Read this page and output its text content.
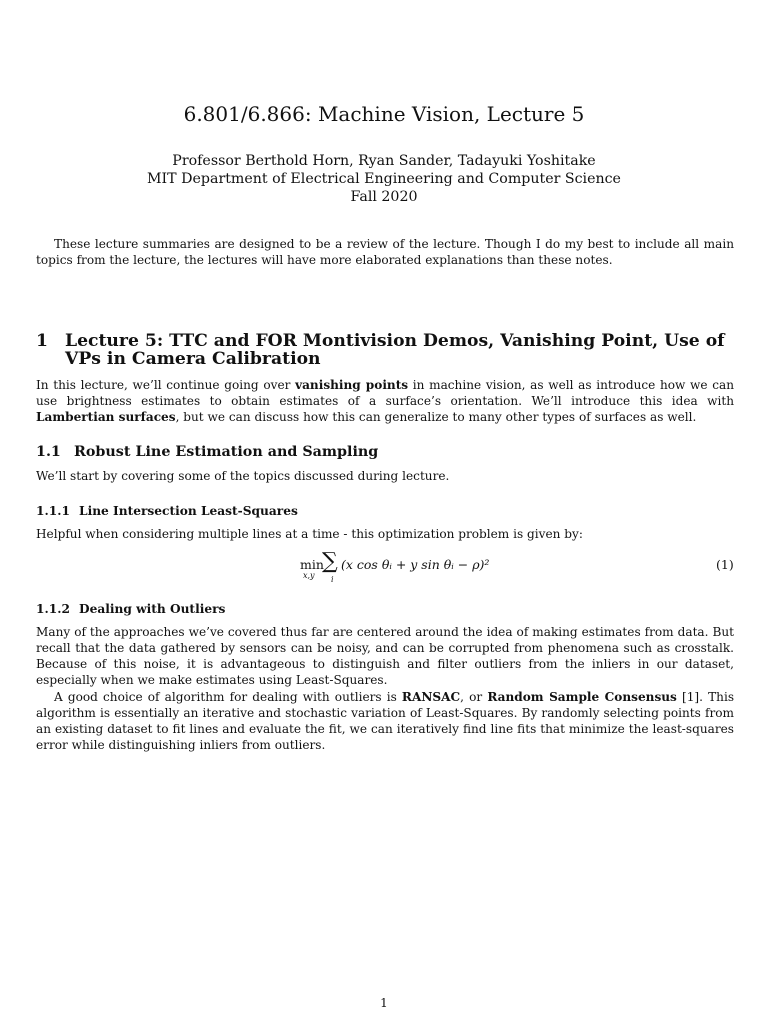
6.801/6.866: Machine Vision, Lecture 5
Professor Berthold Horn, Ryan Sander, Tadayuki Yoshitake
MIT Department of Electrical Engineering and Computer Science
Fall 2020

These lecture summaries are designed to be a review of the lecture. Though I do my best to include all main topics from the lecture, the lectures will have more elaborated explanations than these notes.

1 Lecture 5: TTC and FOR Montivision Demos, Vanishing Point, Use of VPs in Camera Calibration

In this lecture, we’ll continue going over vanishing points in machine vision, as well as introduce how we can use brightness estimates to obtain estimates of a surface’s orientation. We’ll introduce this idea with Lambertian surfaces, but we can discuss how this can generalize to many other types of surfaces as well.

1.1 Robust Line Estimation and Sampling

We’ll start by covering some of the topics discussed during lecture.

1.1.1 Line Intersection Least-Squares

Helpful when considering multiple lines at a time - this optimization problem is given by:

min
x,y
∑
i
(x cos θᵢ + y sin θᵢ − ρ)²	(1)
1.1.2 Dealing with Outliers

Many of the approaches we’ve covered thus far are centered around the idea of making estimates from data. But recall that the data gathered by sensors can be noisy, and can be corrupted from phenomena such as crosstalk. Because of this noise, it is advantageous to distinguish and filter outliers from the inliers in our dataset, especially when we make estimates using Least-Squares.

A good choice of algorithm for dealing with outliers is RANSAC, or Random Sample Consensus [1]. This algorithm is essentially an iterative and stochastic variation of Least-Squares. By randomly selecting points from an existing dataset to fit lines and evaluate the fit, we can iteratively find line fits that minimize the least-squares error while distinguishing inliers from outliers.

1
